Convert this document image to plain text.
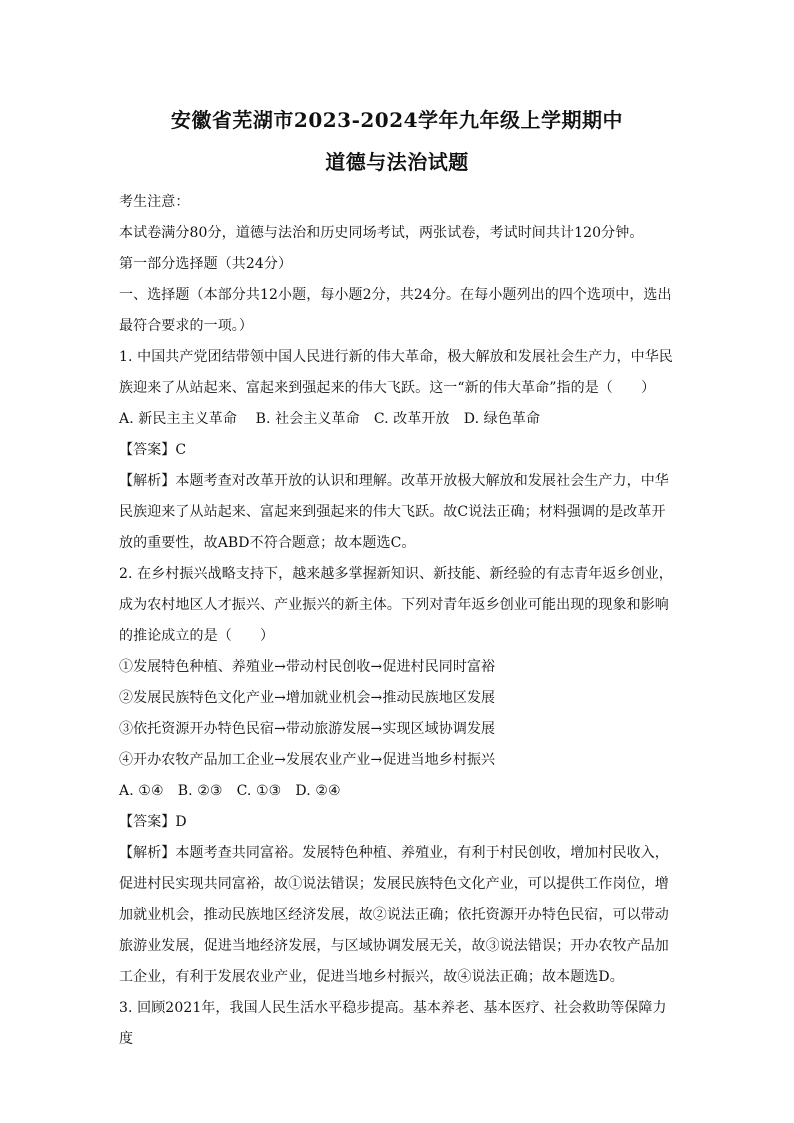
安徽省芜湖市2023-2024学年九年级上学期期中
道德与法治试题

考生注意：

本试卷满分80分，道德与法治和历史同场考试，两张试卷，考试时间共计120分钟。

第一部分选择题（共24分）

一、选择题（本部分共12小题，每小题2分，共24分。在每小题列出的四个选项中，选出最符合要求的一项。）

1. 中国共产党团结带领中国人民进行新的伟大革命，极大解放和发展社会生产力，中华民族迎来了从站起来、富起来到强起来的伟大飞跃。这一“新的伟大革命”指的是（　　）

A. 新民主主义革命　 B. 社会主义革命　C. 改革开放　D. 绿色革命

【答案】C

【解析】本题考查对改革开放的认识和理解。改革开放极大解放和发展社会生产力，中华民族迎来了从站起来、富起来到强起来的伟大飞跃。故C说法正确；材料强调的是改革开放的重要性，故ABD不符合题意；故本题选C。

2. 在乡村振兴战略支持下，越来越多掌握新知识、新技能、新经验的有志青年返乡创业，成为农村地区人才振兴、产业振兴的新主体。下列对青年返乡创业可能出现的现象和影响的推论成立的是（　　）

①发展特色种植、养殖业→带动村民创收→促进村民同时富裕

②发展民族特色文化产业→增加就业机会→推动民族地区发展

③依托资源开办特色民宿→带动旅游发展→实现区域协调发展

④开办农牧产品加工企业→发展农业产业→促进当地乡村振兴

A. ①④　B. ②③　C. ①③　D. ②④

【答案】D

【解析】本题考查共同富裕。发展特色种植、养殖业，有利于村民创收，增加村民收入，促进村民实现共同富裕，故①说法错误；发展民族特色文化产业，可以提供工作岗位，增加就业机会，推动民族地区经济发展，故②说法正确；依托资源开办特色民宿，可以带动旅游业发展，促进当地经济发展，与区域协调发展无关，故③说法错误；开办农牧产品加工企业，有利于发展农业产业，促进当地乡村振兴，故④说法正确；故本题选D。

3. 回顾2021年，我国人民生活水平稳步提高。基本养老、基本医疗、社会救助等保障力度
